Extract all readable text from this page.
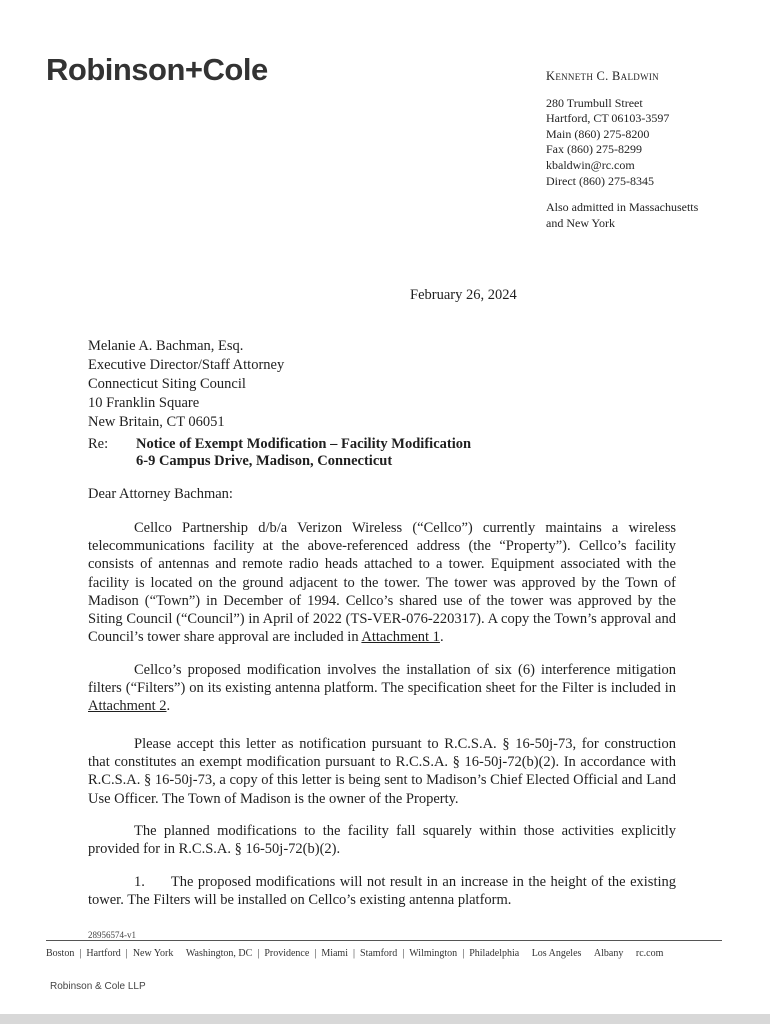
Robinson+Cole	Kenneth C. Baldwin
280 Trumbull Street
Hartford, CT 06103-3597
Main (860) 275-8200
Fax (860) 275-8299
kbaldwin@rc.com
Direct (860) 275-8345
Also admitted in Massachusetts
and New York
February 26, 2024
Melanie A. Bachman, Esq.
Executive Director/Staff Attorney
Connecticut Siting Council
10 Franklin Square
New Britain, CT 06051
Re: Notice of Exempt Modification – Facility Modification
6-9 Campus Drive, Madison, Connecticut
Dear Attorney Bachman:
Cellco Partnership d/b/a Verizon Wireless (“Cellco”) currently maintains a wireless telecommunications facility at the above-referenced address (the “Property”). Cellco’s facility consists of antennas and remote radio heads attached to a tower. Equipment associated with the facility is located on the ground adjacent to the tower. The tower was approved by the Town of Madison (“Town”) in December of 1994. Cellco’s shared use of the tower was approved by the Siting Council (“Council”) in April of 2022 (TS-VER-076-220317). A copy the Town’s approval and Council’s tower share approval are included in Attachment 1.
Cellco’s proposed modification involves the installation of six (6) interference mitigation filters (“Filters”) on its existing antenna platform. The specification sheet for the Filter is included in Attachment 2.
Please accept this letter as notification pursuant to R.C.S.A. § 16-50j-73, for construction that constitutes an exempt modification pursuant to R.C.S.A. § 16-50j-72(b)(2). In accordance with R.C.S.A. § 16-50j-73, a copy of this letter is being sent to Madison’s Chief Elected Official and Land Use Officer. The Town of Madison is the owner of the Property.
The planned modifications to the facility fall squarely within those activities explicitly provided for in R.C.S.A. § 16-50j-72(b)(2).
1. The proposed modifications will not result in an increase in the height of the existing tower. The Filters will be installed on Cellco’s existing antenna platform.
28956574-v1
Boston | Hartford | New York
Washington, DC | Providence | Miami | Stamford | Wilmington | Philadelphia
Los Angeles
Albany
rc.com
Robinson & Cole LLP
